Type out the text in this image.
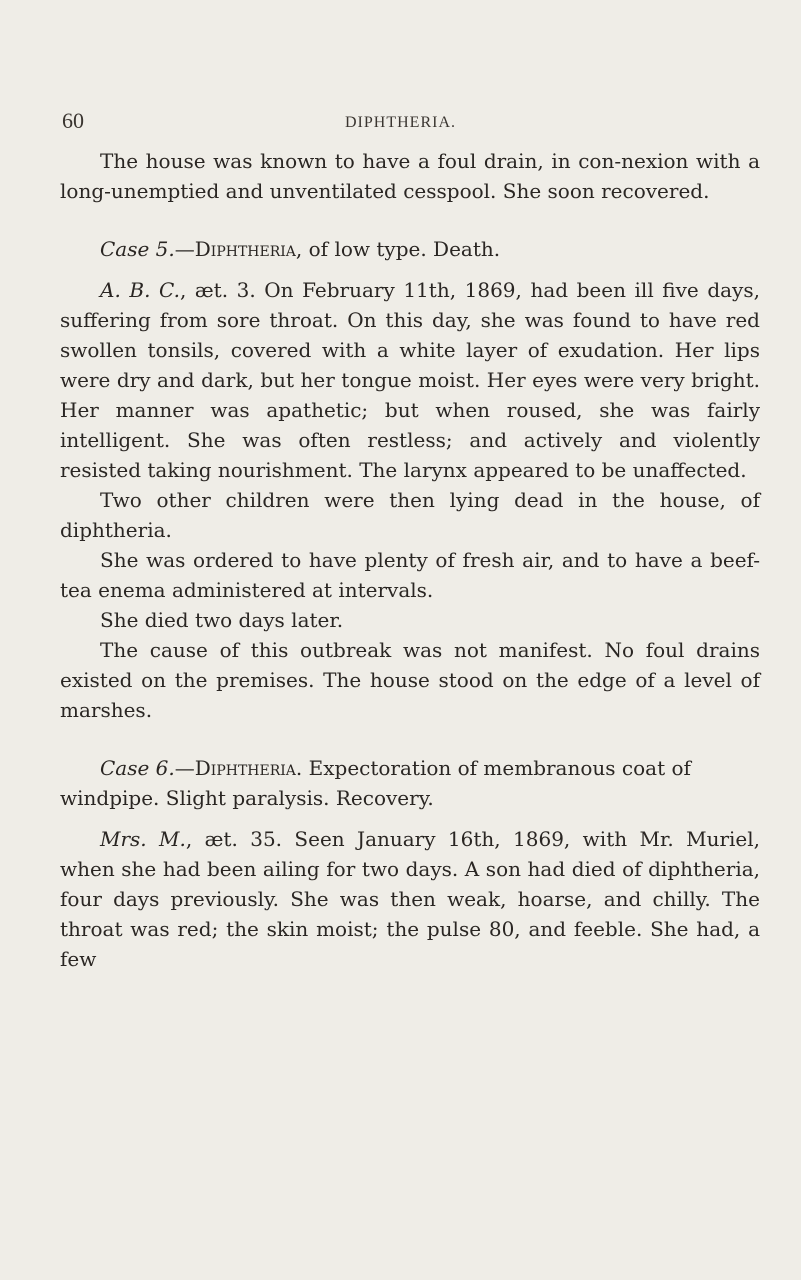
60	DIPHTHERIA.

The house was known to have a foul drain, in con-nexion with a long-unemptied and unventilated cesspool. She soon recovered.

Case 5.—Diphtheria, of low type. Death.

A. B. C., æt. 3. On February 11th, 1869, had been ill five days, suffering from sore throat. On this day, she was found to have red swollen tonsils, covered with a white layer of exudation. Her lips were dry and dark, but her tongue moist. Her eyes were very bright. Her manner was apathetic; but when roused, she was fairly intelligent. She was often restless; and actively and violently resisted taking nourishment. The larynx appeared to be unaffected.

Two other children were then lying dead in the house, of diphtheria.

She was ordered to have plenty of fresh air, and to have a beef-tea enema administered at intervals.

She died two days later.

The cause of this outbreak was not manifest. No foul drains existed on the premises. The house stood on the edge of a level of marshes.

Case 6.—Diphtheria. Expectoration of membranous coat of windpipe. Slight paralysis. Recovery.

Mrs. M., æt. 35. Seen January 16th, 1869, with Mr. Muriel, when she had been ailing for two days. A son had died of diphtheria, four days previously. She was then weak, hoarse, and chilly. The throat was red; the skin moist; the pulse 80, and feeble. She had, a few
